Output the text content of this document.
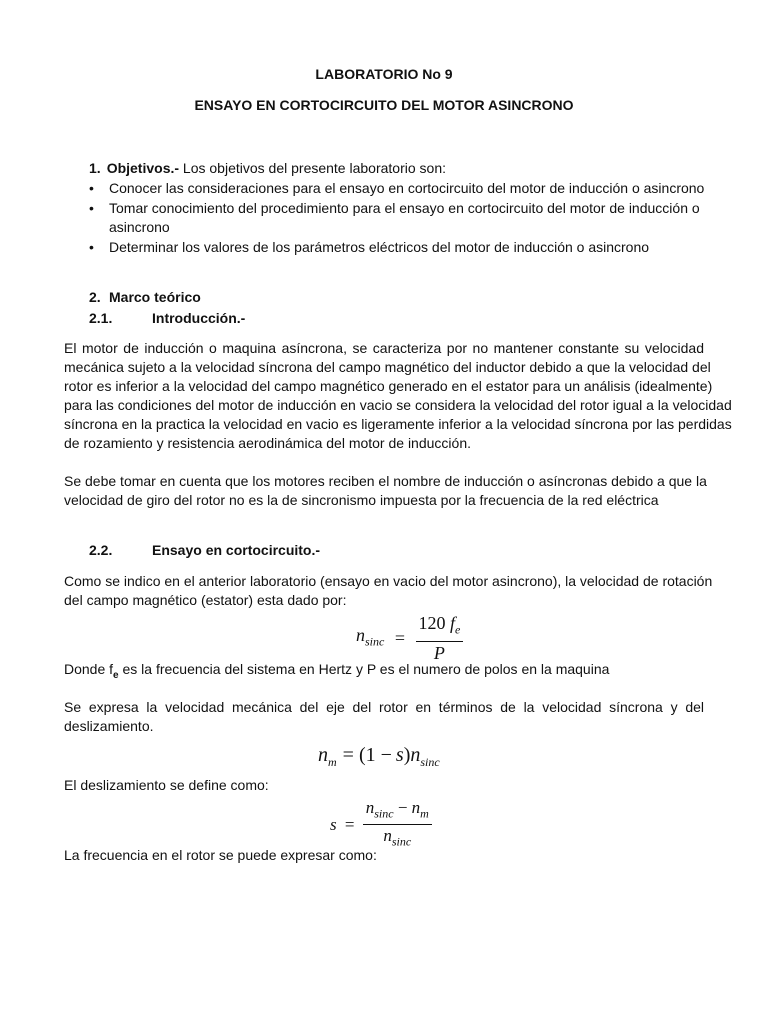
LABORATORIO No 9
ENSAYO EN CORTOCIRCUITO DEL MOTOR ASINCRONO
1. Objetivos.- Los objetivos del presente laboratorio son:
• Conocer las consideraciones para el ensayo en cortocircuito del motor de inducción o asincrono
• Tomar conocimiento del procedimiento para el ensayo en cortocircuito del motor de inducción o
asincrono
• Determinar los valores de los parámetros eléctricos del motor de inducción o asincrono
2. Marco teórico
2.1.	Introducción.-
El motor de inducción o maquina asíncrona, se caracteriza por no mantener constante su velocidad
mecánica sujeto a la velocidad síncrona del campo magnético del inductor debido a que la velocidad del
rotor es inferior a la velocidad del campo magnético generado en el estator para un análisis (idealmente)
para las condiciones del motor de inducción en vacio se considera la velocidad del rotor igual a la velocidad
síncrona en la practica la velocidad en vacio es ligeramente inferior a la velocidad síncrona por las perdidas
de rozamiento y resistencia aerodinámica del motor de inducción.
Se debe tomar en cuenta que los motores reciben el nombre de inducción o asíncronas debido a que la
velocidad de giro del rotor no es la de sincronismo impuesta por la frecuencia de la red eléctrica
2.2.	Ensayo en cortocircuito.-
Como se indico en el anterior laboratorio (ensayo en vacio del motor asincrono), la velocidad de rotación
del campo magnético (estator) esta dado por:
$n_{sinc} = \frac{120 f_e}{P}$
Donde $f_e$ es la frecuencia del sistema en Hertz y P es el numero de polos en la maquina
Se expresa la velocidad mecánica del eje del rotor en términos de la velocidad síncrona y del
deslizamiento.
$n_m = (1 - s)n_{sinc}$
El deslizamiento se define como:
$s = \frac{n_{sinc} - n_m}{n_{sinc}}$
La frecuencia en el rotor se puede expresar como:
